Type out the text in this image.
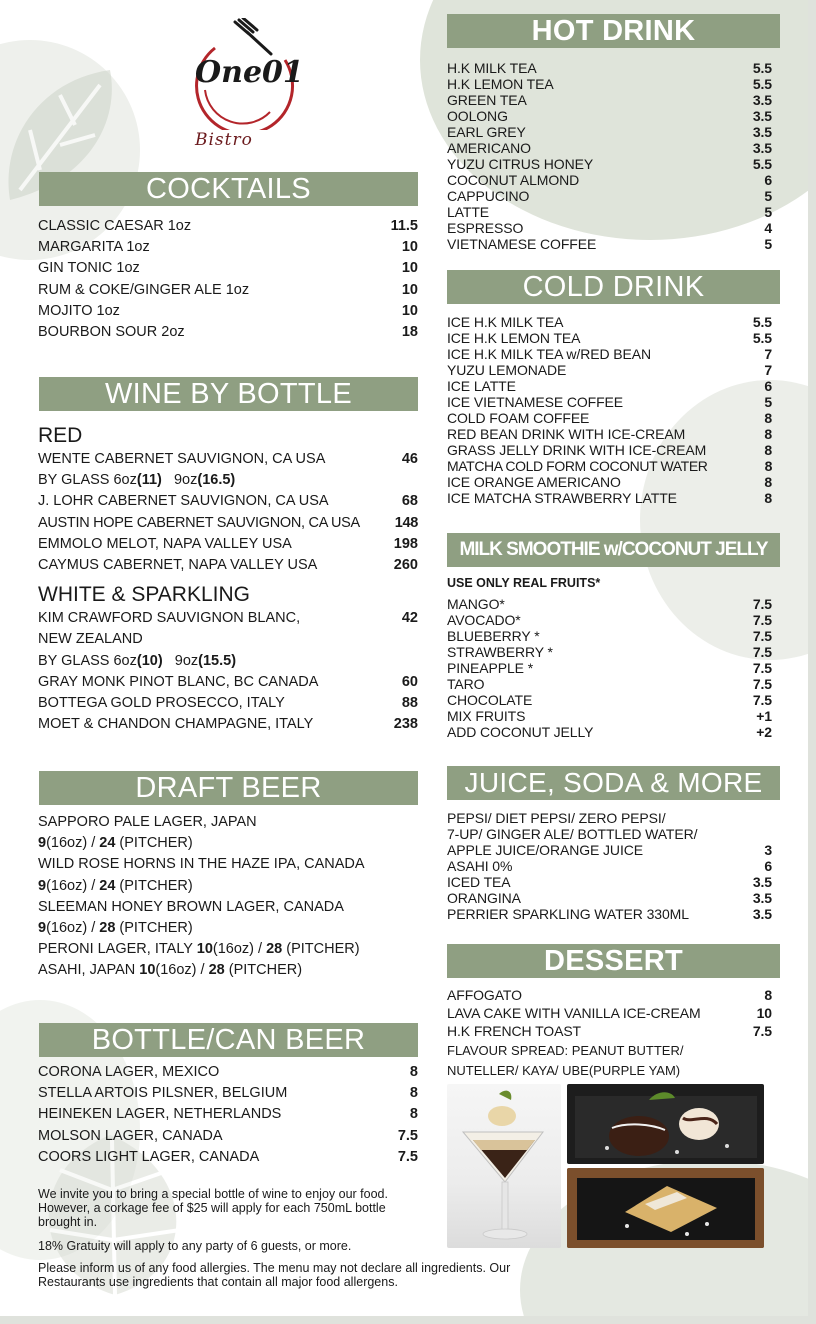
One01
Bistro
COCKTAILS
CLASSIC CAESAR 1oz	11.5
MARGARITA 1oz	10
GIN TONIC 1oz	10
RUM & COKE/GINGER ALE 1oz	10
MOJITO 1oz	10
BOURBON SOUR 2oz	18
WINE BY BOTTLE
RED
WENTE CABERNET SAUVIGNON, CA USA	46
BY GLASS 6oz(11) 9oz(16.5)
J. LOHR CABERNET SAUVIGNON, CA USA	68
AUSTIN HOPE CABERNET SAUVIGNON, CA USA 148
EMMOLO MELOT, NAPA VALLEY USA	198
CAYMUS CABERNET, NAPA VALLEY USA	260
WHITE & SPARKLING
KIM CRAWFORD SAUVIGNON BLANC,	42
NEW ZEALAND
BY GLASS 6oz(10) 9oz(15.5)
GRAY MONK PINOT BLANC, BC CANADA	60
BOTTEGA GOLD PROSECCO, ITALY	88
MOET & CHANDON CHAMPAGNE, ITALY	238
DRAFT BEER
SAPPORO PALE LAGER, JAPAN
9(16oz) / 24 (PITCHER)
WILD ROSE HORNS IN THE HAZE IPA, CANADA
9(16oz) / 24 (PITCHER)
SLEEMAN HONEY BROWN LAGER, CANADA
9(16oz) / 28 (PITCHER)
PERONI LAGER, ITALY 10(16oz) / 28 (PITCHER)
ASAHI, JAPAN 10(16oz) / 28 (PITCHER)
BOTTLE/CAN BEER
CORONA LAGER, MEXICO	8
STELLA ARTOIS PILSNER, BELGIUM	8
HEINEKEN LAGER, NETHERLANDS	8
MOLSON LAGER, CANADA	7.5
COORS LIGHT LAGER, CANADA	7.5
We invite you to bring a special bottle of wine to enjoy our food. However, a corkage fee of $25 will apply for each 750mL bottle brought in.
18% Gratuity will apply to any party of 6 guests, or more.
Please inform us of any food allergies. The menu may not declare all ingredients. Our Restaurants use ingredients that contain all major food allergens.
HOT DRINK
H.K MILK TEA	5.5
H.K LEMON TEA	5.5
GREEN TEA	3.5
OOLONG	3.5
EARL GREY	3.5
AMERICANO	3.5
YUZU CITRUS HONEY	5.5
COCONUT ALMOND	6
CAPPUCINO	5
LATTE	5
ESPRESSO	4
VIETNAMESE COFFEE	5
COLD DRINK
ICE H.K MILK TEA	5.5
ICE H.K LEMON TEA	5.5
ICE H.K MILK TEA w/RED BEAN	7
YUZU LEMONADE	7
ICE LATTE	6
ICE VIETNAMESE COFFEE	5
COLD FOAM COFFEE	8
RED BEAN DRINK WITH ICE-CREAM	8
GRASS JELLY DRINK WITH ICE-CREAM	8
MATCHA COLD FORM COCONUT WATER	8
ICE ORANGE AMERICANO	8
ICE MATCHA STRAWBERRY LATTE	8
MILK SMOOTHIE w/COCONUT JELLY
USE ONLY REAL FRUITS*
MANGO*	7.5
AVOCADO*	7.5
BLUEBERRY *	7.5
STRAWBERRY *	7.5
PINEAPPLE *	7.5
TARO	7.5
CHOCOLATE	7.5
MIX FRUITS	+1
ADD COCONUT JELLY	+2
JUICE, SODA & MORE
PEPSI/ DIET PEPSI/ ZERO PEPSI/
7-UP/ GINGER ALE/ BOTTLED WATER/
APPLE JUICE/ORANGE JUICE	3
ASAHI 0%	6
ICED TEA	3.5
ORANGINA	3.5
PERRIER SPARKLING WATER 330ML	3.5
DESSERT
AFFOGATO	8
LAVA CAKE WITH VANILLA ICE-CREAM	10
H.K FRENCH TOAST	7.5
FLAVOUR SPREAD: PEANUT BUTTER/
NUTELLER/ KAYA/ UBE(PURPLE YAM)
